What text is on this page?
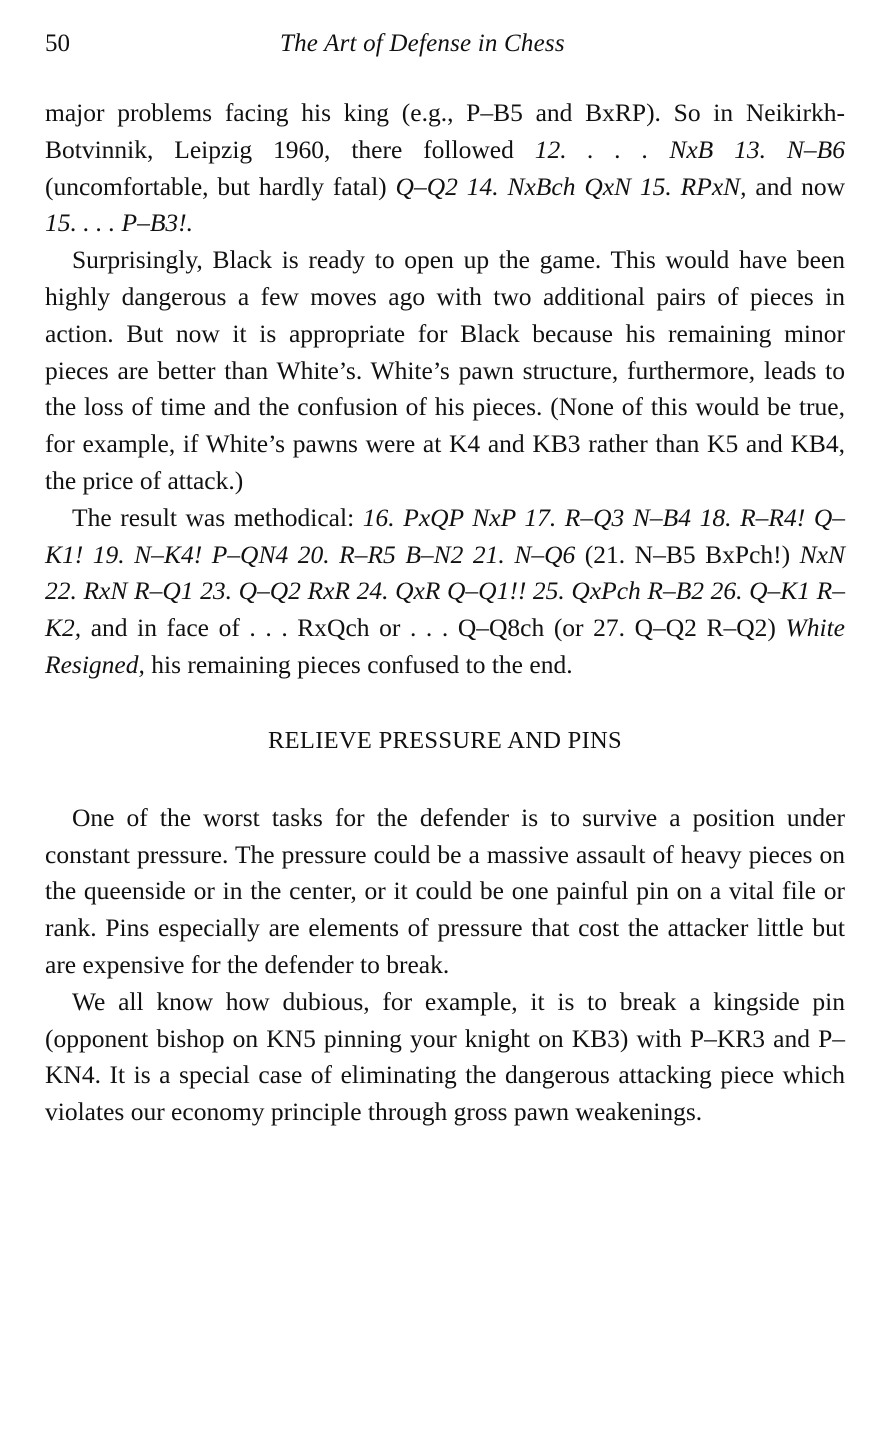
50	The Art of Defense in Chess

major problems facing his king (e.g., P–B5 and BxRP). So in Neikirkh-Botvinnik, Leipzig 1960, there followed 12. . . . NxB 13. N–B6 (uncomfortable, but hardly fatal) Q–Q2 14. NxBch QxN 15. RPxN, and now 15. . . . P–B3!.

Surprisingly, Black is ready to open up the game. This would have been highly dangerous a few moves ago with two additional pairs of pieces in action. But now it is appropriate for Black because his remaining minor pieces are better than White’s. White’s pawn structure, furthermore, leads to the loss of time and the confusion of his pieces. (None of this would be true, for example, if White’s pawns were at K4 and KB3 rather than K5 and KB4, the price of attack.)

The result was methodical: 16. PxQP NxP 17. R–Q3 N–B4 18. R–R4! Q–K1! 19. N–K4! P–QN4 20. R–R5 B–N2 21. N–Q6 (21. N–B5 BxPch!) NxN 22. RxN R–Q1 23. Q–Q2 RxR 24. QxR Q–Q1!! 25. QxPch R–B2 26. Q–K1 R–K2, and in face of . . . RxQch or . . . Q–Q8ch (or 27. Q–Q2 R–Q2) White Resigned, his remaining pieces confused to the end.

RELIEVE PRESSURE AND PINS

One of the worst tasks for the defender is to survive a position under constant pressure. The pressure could be a massive assault of heavy pieces on the queenside or in the center, or it could be one painful pin on a vital file or rank. Pins especially are elements of pressure that cost the attacker little but are expensive for the defender to break.

We all know how dubious, for example, it is to break a kingside pin (opponent bishop on KN5 pinning your knight on KB3) with P–KR3 and P–KN4. It is a special case of eliminating the dangerous attacking piece which violates our economy principle through gross pawn weakenings.
